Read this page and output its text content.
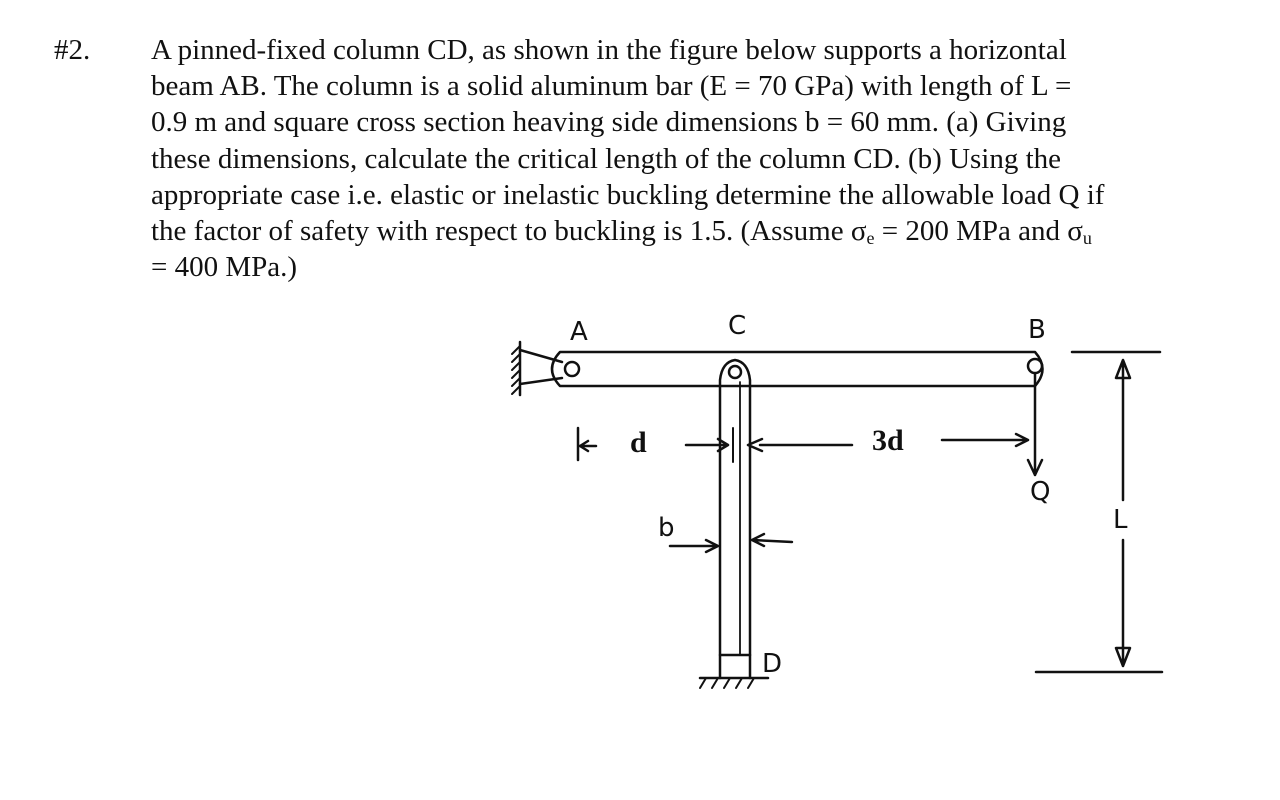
#2. A pinned-fixed column CD, as shown in the figure below supports a horizontal
beam AB. The column is a solid aluminum bar (E = 70 GPa) with length of L =
0.9 m and square cross section heaving side dimensions b = 60 mm. (a) Giving
these dimensions, calculate the critical length of the column CD. (b) Using the
appropriate case i.e. elastic or inelastic buckling determine the allowable load Q if
the factor of safety with respect to buckling is 1.5. (Assume $\sigma_e = 200$ MPa and $\sigma_u$
= 400 MPa.)
A	C	B
D
d	3d
b
Q
L
